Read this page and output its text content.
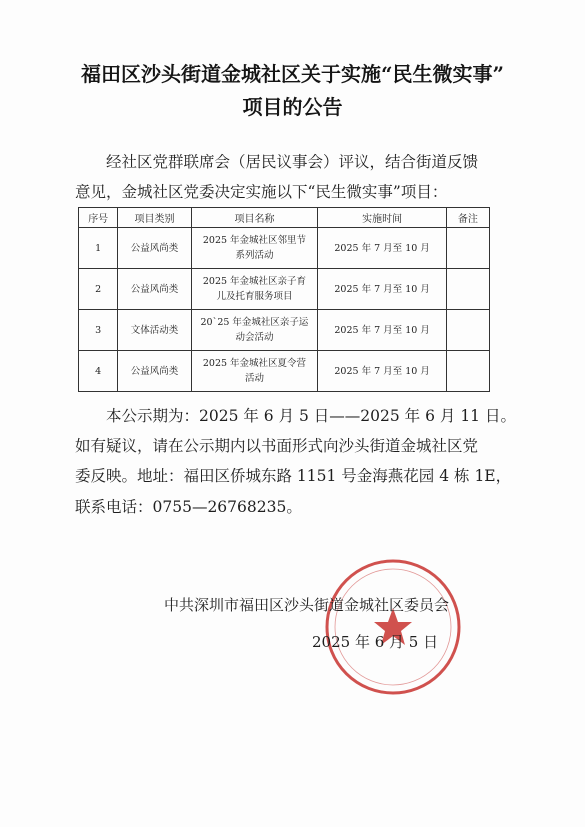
福田区沙头街道金城社区关于实施“民生微实事”
项目的公告
经社区党群联席会（居民议事会）评议，结合街道反馈
意见，金城社区党委决定实施以下“民生微实事”项目：
序号	项目类别	项目名称	实施时间	备注
1	公益风尚类	2025 年金城社区邻里节
系列活动	2025 年 7 月至 10 月	
2	公益风尚类	2025 年金城社区亲子育
儿及托育服务项目	2025 年 7 月至 10 月	
3	文体活动类	20`25 年金城社区亲子运
动会活动	2025 年 7 月至 10 月	
4	公益风尚类	2025 年金城社区夏令营
活动	2025 年 7 月至 10 月	
本公示期为：2025 年 6 月 5 日——2025 年 6 月 11 日。
如有疑议，请在公示期内以书面形式向沙头街道金城社区党
委反映。地址：福田区侨城东路 1151 号金海燕花园 4 栋 1E，
联系电话：0755—26768235。
中共深圳市福田区沙头街道金城社区委员会
2025 年 6 月 5 日
